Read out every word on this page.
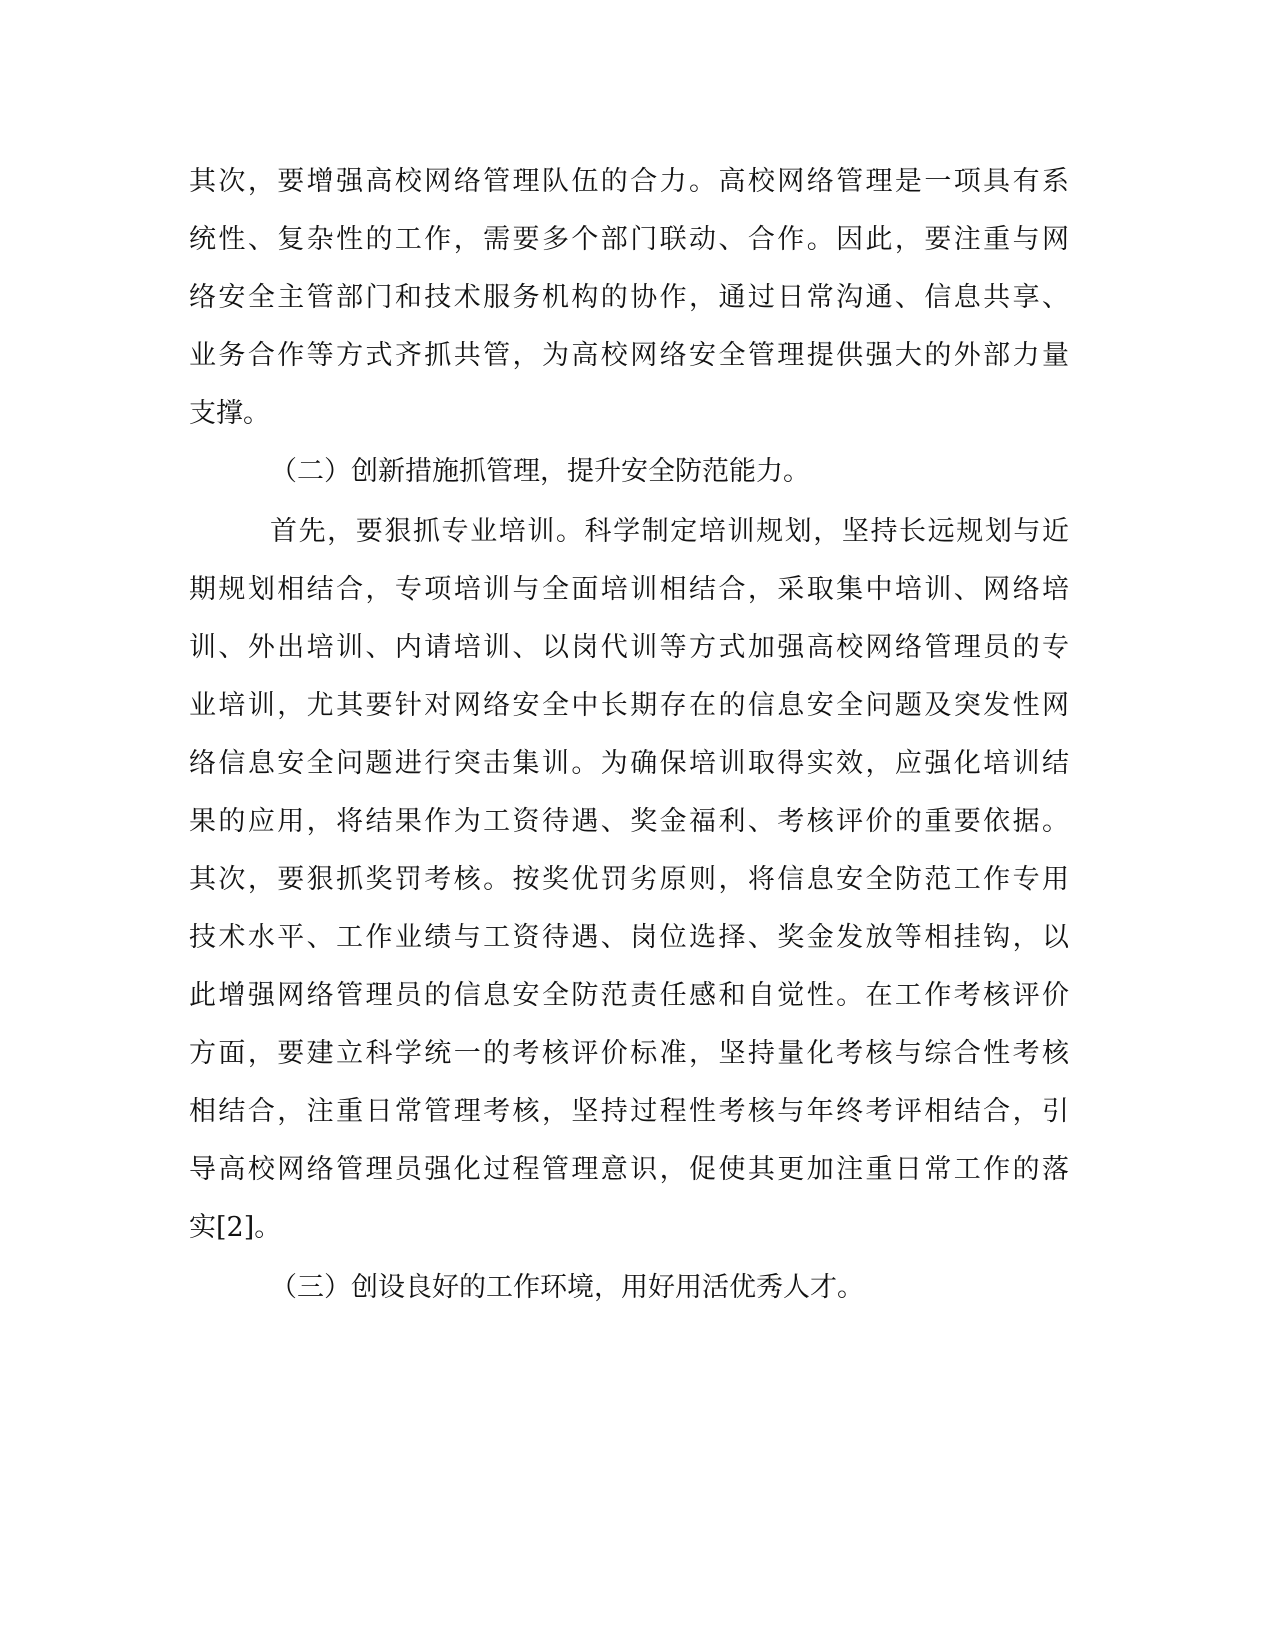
其次，要增强高校网络管理队伍的合力。高校网络管理是一项具有系
统性、复杂性的工作，需要多个部门联动、合作。因此，要注重与网
络安全主管部门和技术服务机构的协作，通过日常沟通、信息共享、
业务合作等方式齐抓共管，为高校网络安全管理提供强大的外部力量
支撑。
（二）创新措施抓管理，提升安全防范能力。
首先，要狠抓专业培训。科学制定培训规划，坚持长远规划与近
期规划相结合，专项培训与全面培训相结合，采取集中培训、网络培
训、外出培训、内请培训、以岗代训等方式加强高校网络管理员的专
业培训，尤其要针对网络安全中长期存在的信息安全问题及突发性网
络信息安全问题进行突击集训。为确保培训取得实效，应强化培训结
果的应用，将结果作为工资待遇、奖金福利、考核评价的重要依据。
其次，要狠抓奖罚考核。按奖优罚劣原则，将信息安全防范工作专用
技术水平、工作业绩与工资待遇、岗位选择、奖金发放等相挂钩，以
此增强网络管理员的信息安全防范责任感和自觉性。在工作考核评价
方面，要建立科学统一的考核评价标准，坚持量化考核与综合性考核
相结合，注重日常管理考核，坚持过程性考核与年终考评相结合，引
导高校网络管理员强化过程管理意识，促使其更加注重日常工作的落
实[2]。
（三）创设良好的工作环境，用好用活优秀人才。
